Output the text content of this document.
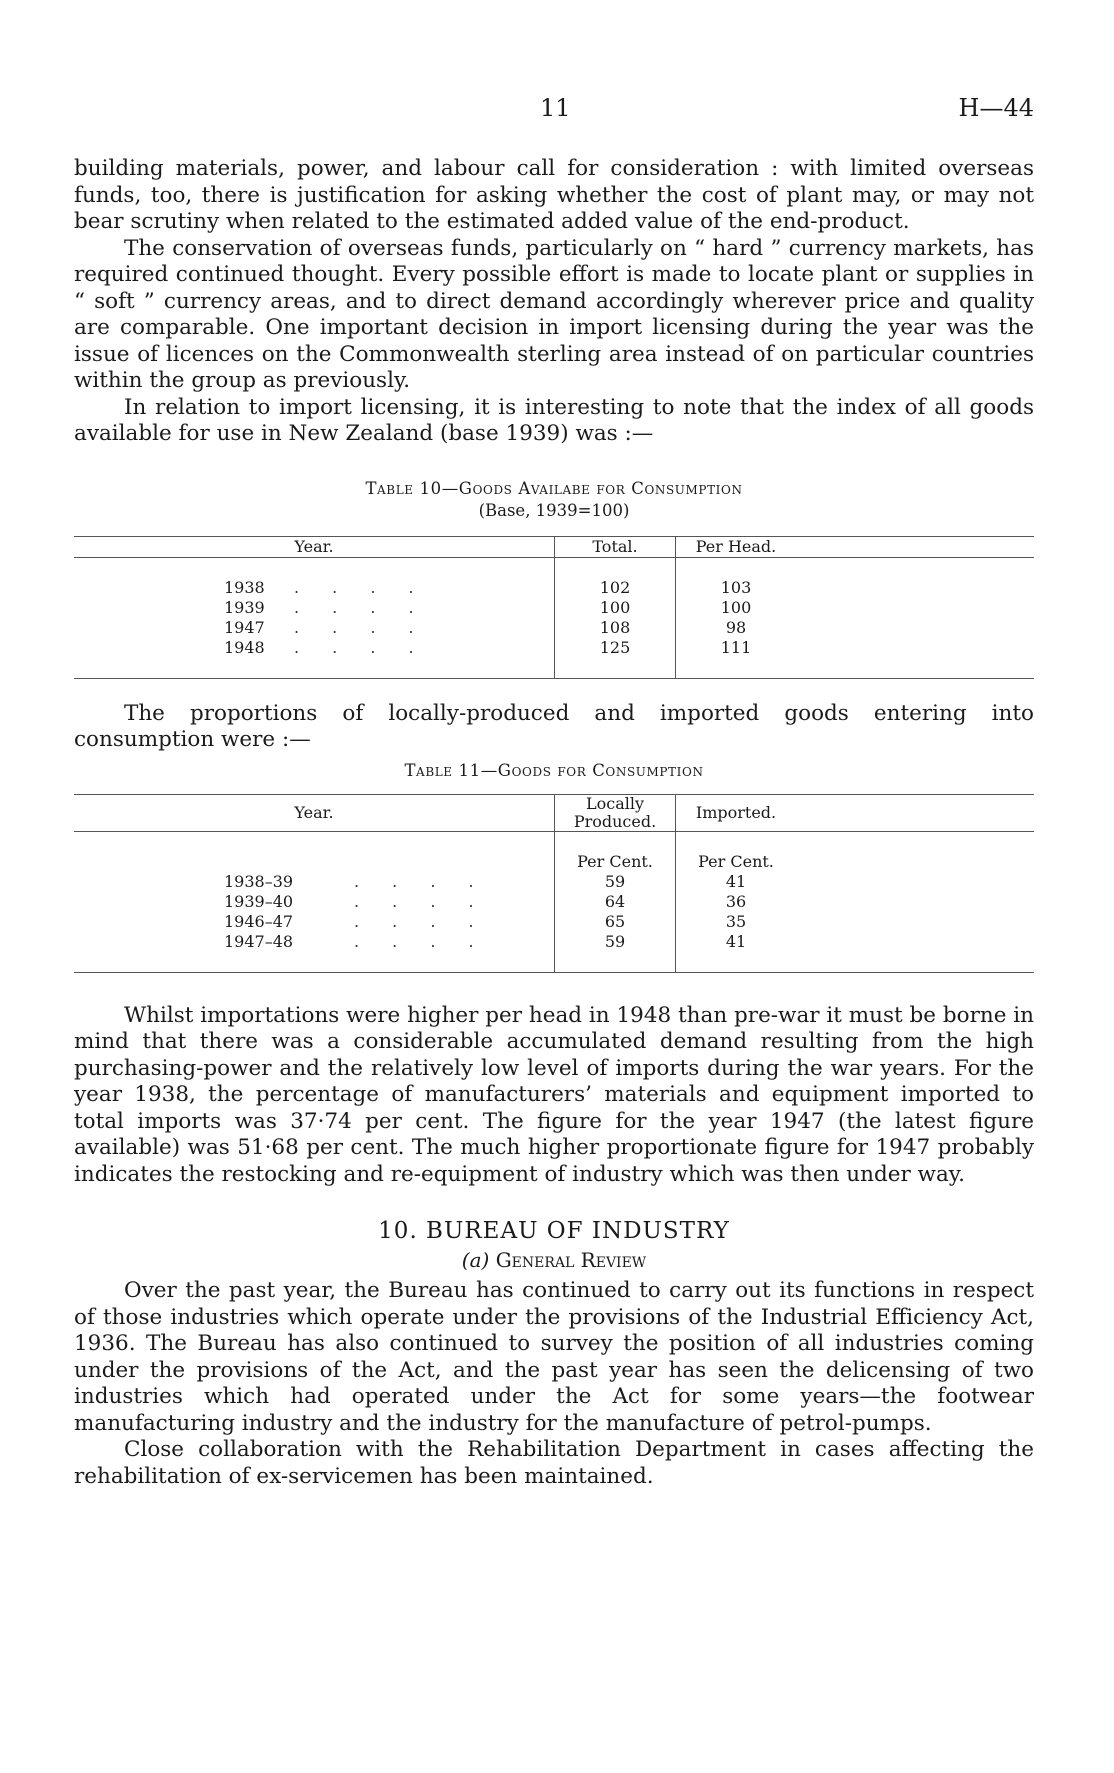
11	H—44

building materials, power, and labour call for consideration : with limited overseas funds, too, there is justification for asking whether the cost of plant may, or may not bear scrutiny when related to the estimated added value of the end-product.

The conservation of overseas funds, particularly on “ hard ” currency markets, has required continued thought. Every possible effort is made to locate plant or supplies in “ soft ” currency areas, and to direct demand accordingly wherever price and quality are comparable. One important decision in import licensing during the year was the issue of licences on the Commonwealth sterling area instead of on particular countries within the group as previously.

In relation to import licensing, it is interesting to note that the index of all goods available for use in New Zealand (base 1939) was :—

Table 10—Goods Availabe for Consumption
(Base, 1939=100)
Year.	Total.	Per Head.	

1938 . . . .	102	103	
1939 . . . .	100	100	
1947 . . . .	108	98	
1948 . . . .	125	111	

The proportions of locally-produced and imported goods entering into consumption were :—

Table 11—Goods for Consumption
Year.	Locally Produced.	Imported.	

	Per Cent.	Per Cent.	
1938–39 . . . .	59	41	
1939–40 . . . .	64	36	
1946–47 . . . .	65	35	
1947–48 . . . .	59	41	

Whilst importations were higher per head in 1948 than pre-war it must be borne in mind that there was a considerable accumulated demand resulting from the high purchasing-power and the relatively low level of imports during the war years. For the year 1938, the percentage of manufacturers’ materials and equipment imported to total imports was 37·74 per cent. The figure for the year 1947 (the latest figure available) was 51·68 per cent. The much higher proportionate figure for 1947 probably indicates the restocking and re-equipment of industry which was then under way.

10. BUREAU OF INDUSTRY
(a) General Review

Over the past year, the Bureau has continued to carry out its functions in respect of those industries which operate under the provisions of the Industrial Efficiency Act, 1936. The Bureau has also continued to survey the position of all industries coming under the provisions of the Act, and the past year has seen the delicensing of two industries which had operated under the Act for some years—the footwear manufacturing industry and the industry for the manufacture of petrol-pumps.

Close collaboration with the Rehabilitation Department in cases affecting the rehabilitation of ex-servicemen has been maintained.
